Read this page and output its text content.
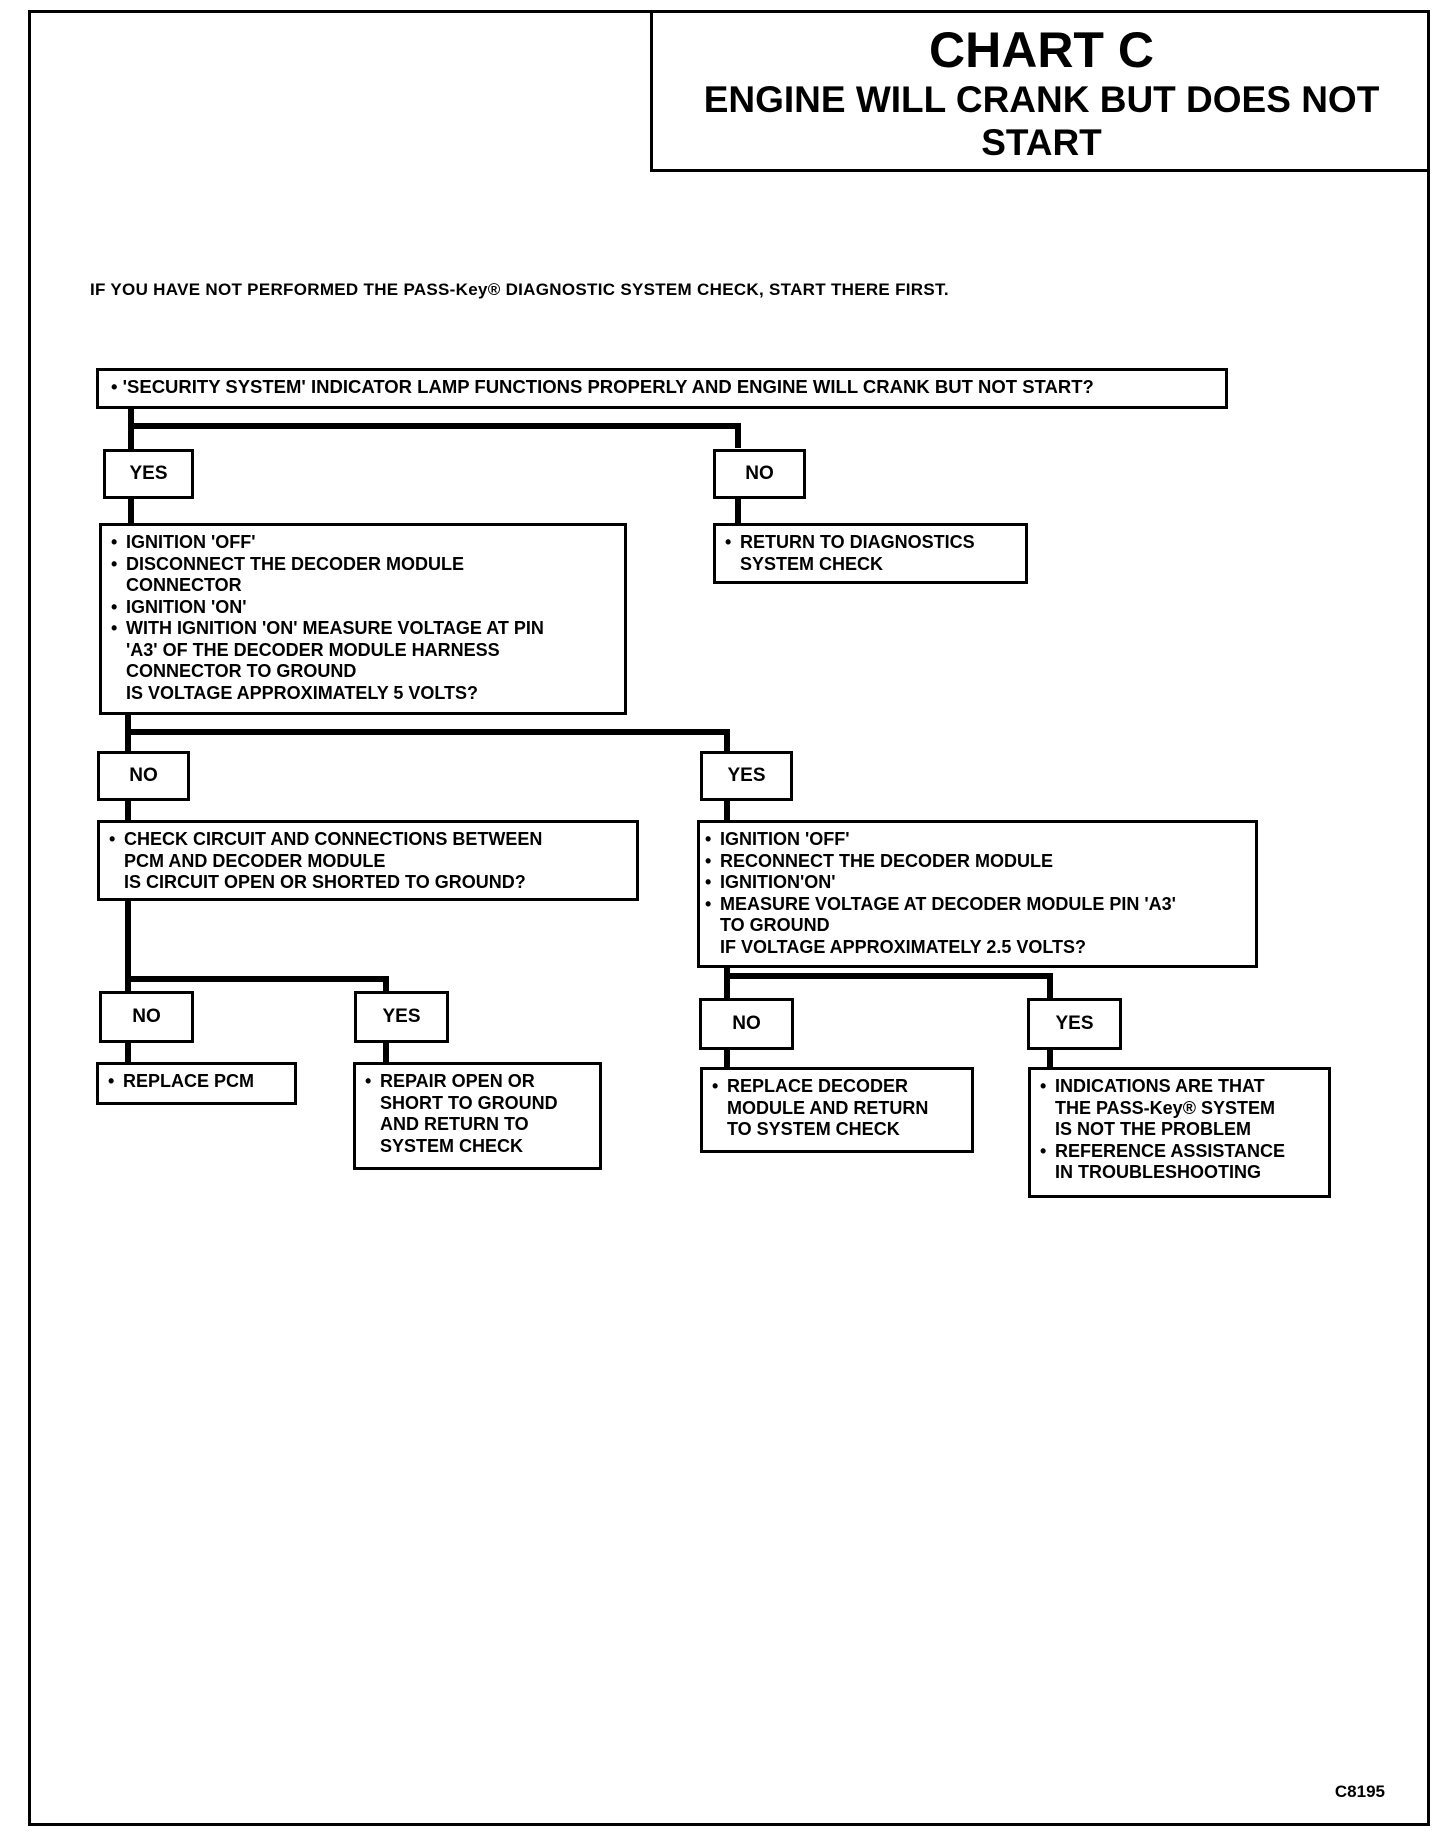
CHART C
ENGINE WILL CRANK BUT DOES NOT START
IF YOU HAVE NOT PERFORMED THE PASS-Key® DIAGNOSTIC SYSTEM CHECK, START THERE FIRST.
• 'SECURITY SYSTEM' INDICATOR LAMP FUNCTIONS PROPERLY AND ENGINE WILL CRANK BUT NOT START?
YES	NO
• RETURN TO DIAGNOSTICS
SYSTEM CHECK
• IGNITION 'OFF'
• DISCONNECT THE DECODER MODULE
CONNECTOR
• IGNITION 'ON'
• WITH IGNITION 'ON' MEASURE VOLTAGE AT PIN
'A3' OF THE DECODER MODULE HARNESS
CONNECTOR TO GROUND
IS VOLTAGE APPROXIMATELY 5 VOLTS?
NO	YES
• CHECK CIRCUIT AND CONNECTIONS BETWEEN
PCM AND DECODER MODULE
IS CIRCUIT OPEN OR SHORTED TO GROUND?
• IGNITION 'OFF'
• RECONNECT THE DECODER MODULE
• IGNITION'ON'
• MEASURE VOLTAGE AT DECODER MODULE PIN 'A3'
TO GROUND
IF VOLTAGE APPROXIMATELY 2.5 VOLTS?
NO	YES	NO	YES
• REPLACE PCM
•	REPAIR OPEN OR
SHORT TO GROUND
AND RETURN TO
SYSTEM CHECK
• REPLACE DECODER
MODULE AND RETURN
TO SYSTEM CHECK
• INDICATIONS ARE THAT
THE PASS-Key® SYSTEM
IS NOT THE PROBLEM
• REFERENCE ASSISTANCE
IN TROUBLESHOOTING
C8195
